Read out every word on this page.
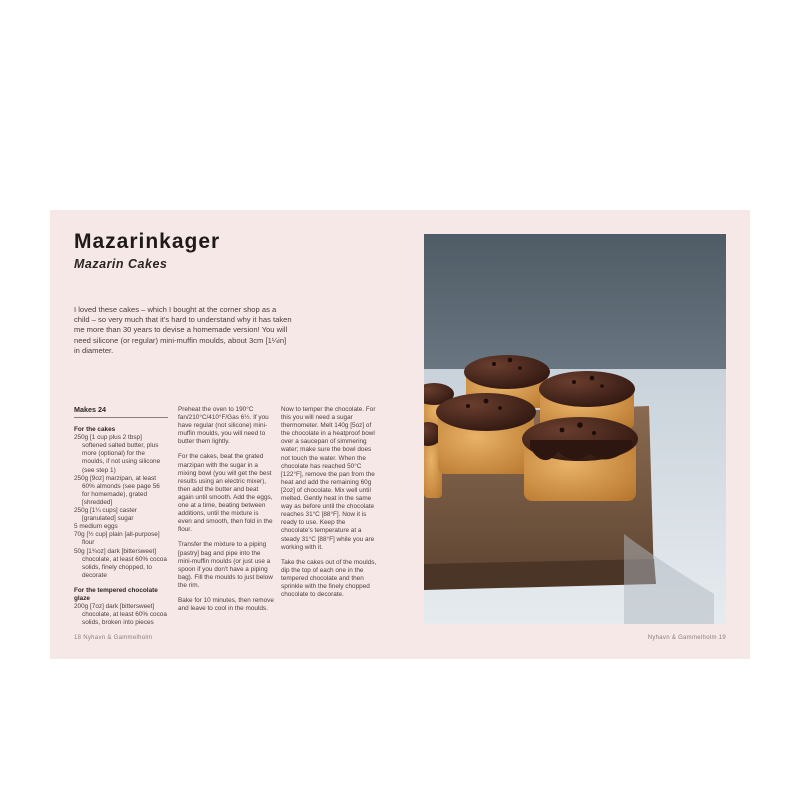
Mazarinkager
Mazarin Cakes

I loved these cakes – which I bought at the corner shop as a child – so very much that it's hard to understand why it has taken me more than 30 years to devise a homemade version! You will need silicone (or regular) mini-muffin moulds, about 3cm [1¼in] in diameter.

Makes 24
For the cakes
250g [1 cup plus 2 tbsp] softened salted butter, plus more (optional) for the moulds, if not using silicone (see step 1)
250g [9oz] marzipan, at least 60% almonds (see page 56 for homemade), grated [shredded]
250g [1¼ cups] caster [granulated] sugar
5 medium eggs
70g [½ cup] plain [all-purpose] flour
50g [1¾oz] dark [bittersweet] chocolate, at least 60% cocoa solids, finely chopped, to decorate
For the tempered chocolate glaze
200g [7oz] dark [bittersweet] chocolate, at least 60% cocoa solids, broken into pieces

Preheat the oven to 190°C fan/210°C/410°F/Gas 6½. If you have regular (not silicone) mini-muffin moulds, you will need to butter them lightly.

For the cakes, beat the grated marzipan with the sugar in a mixing bowl (you will get the best results using an electric mixer), then add the butter and beat again until smooth. Add the eggs, one at a time, beating between additions, until the mixture is even and smooth, then fold in the flour.

Transfer the mixture to a piping [pastry] bag and pipe into the mini-muffin moulds (or just use a spoon if you don't have a piping bag). Fill the moulds to just below the rim.

Bake for 10 minutes, then remove and leave to cool in the moulds.

Now to temper the chocolate. For this you will need a sugar thermometer. Melt 140g [5oz] of the chocolate in a heatproof bowl over a saucepan of simmering water; make sure the bowl does not touch the water. When the chocolate has reached 50°C [122°F], remove the pan from the heat and add the remaining 60g [2oz] of chocolate. Mix well until melted. Gently heat in the same way as before until the chocolate reaches 31°C [88°F]. Now it is ready to use. Keep the chocolate's temperature at a steady 31°C [88°F] while you are working with it.

Take the cakes out of the moulds, dip the top of each one in the tempered chocolate and then sprinkle with the finely chopped chocolate to decorate.

18 Nyhavn & Gammelholm	Nyhavn & Gammelholm 19
